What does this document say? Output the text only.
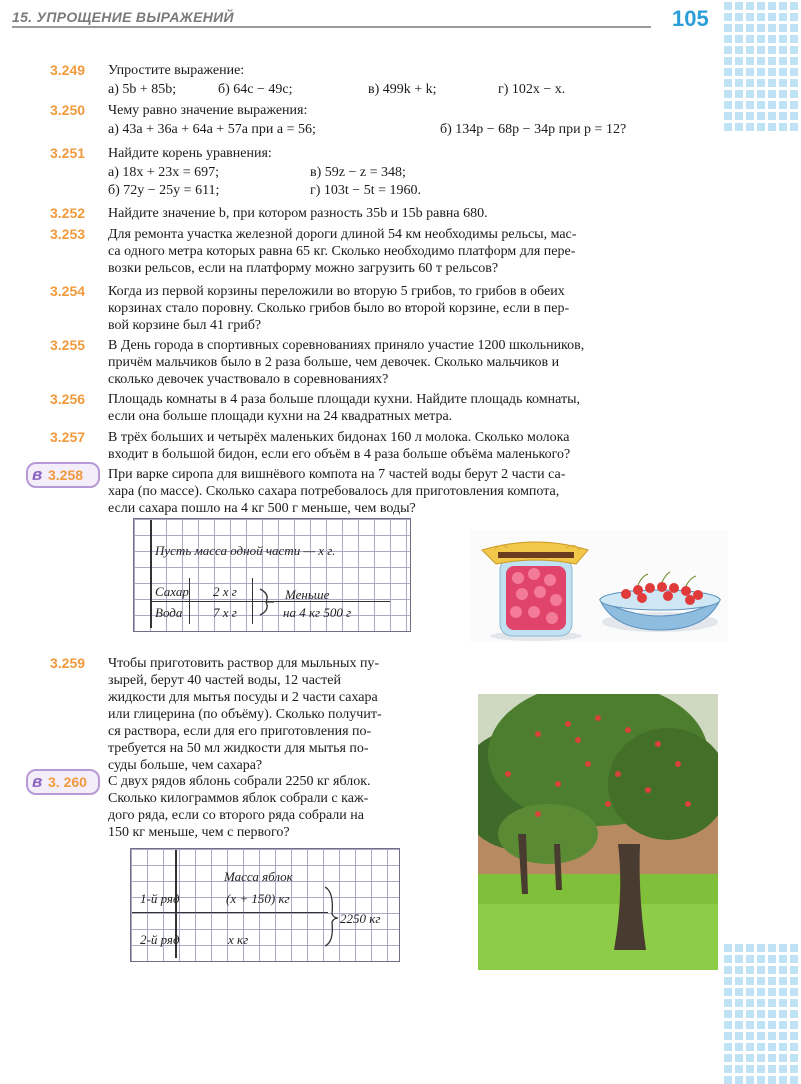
15. УПРОЩЕНИЕ ВЫРАЖЕНИЙ	105
3.249 Упростите выражение:
а) 5b + 85b;	б) 64c − 49c;	в) 499k + k;	г) 102x − x.
3.250 Чему равно значение выражения:
а) 43a + 36a + 64a + 57a при a = 56;	б) 134p − 68p − 34p при p = 12?
3.251 Найдите корень уравнения:
а) 18x + 23x = 697;	в) 59z − z = 348;
б) 72y − 25y = 611;	г) 103t − 5t = 1960.
3.252 Найдите значение b, при котором разность 35b и 15b равна 680.
3.253 Для ремонта участка железной дороги длиной 54 км необходимы рельсы, мас-
са одного метра которых равна 65 кг. Сколько необходимо платформ для пере-
возки рельсов, если на платформу можно загрузить 60 т рельсов?
3.254 Когда из первой корзины переложили во вторую 5 грибов, то грибов в обеих
корзинах стало поровну. Сколько грибов было во второй корзине, если в пер-
вой корзине был 41 гриб?
3.255 В День города в спортивных соревнованиях приняло участие 1200 школьников,
причём мальчиков было в 2 раза больше, чем девочек. Сколько мальчиков и
сколько девочек участвовало в соревнованиях?
3.256 Площадь комнаты в 4 раза больше площади кухни. Найдите площадь комнаты,
если она больше площади кухни на 24 квадратных метра.
3.257 В трёх больших и четырёх маленьких бидонах 160 л молока. Сколько молока
входит в большой бидон, если его объём в 4 раза больше объёма маленького?
в 3.258 При варке сиропа для вишнёвого компота на 7 частей воды берут 2 части са-
хара (по массе). Сколько сахара потребовалось для приготовления компота,
если сахара пошло на 4 кг 500 г меньше, чем воды?
Пусть масса одной части — x г.
Сахар 2 x г	Меньше
Вода 7 x г	на 4 кг 500 г
3.259 Чтобы приготовить раствор для мыльных пу-
зырей, берут 40 частей воды, 12 частей
жидкости для мытья посуды и 2 части сахара
или глицерина (по объёму). Сколько получит-
ся раствора, если для его приготовления по-
требуется на 50 мл жидкости для мытья по-
суды больше, чем сахара?
в 3. 260 С двух рядов яблонь собрали 2250 кг яблок.
Сколько килограммов яблок собрали с каж-
дого ряда, если со второго ряда собрали на
150 кг меньше, чем с первого?
Масса яблок
1-й ряд	(x + 150) кг
2250 кг
2-й ряд	x кг
